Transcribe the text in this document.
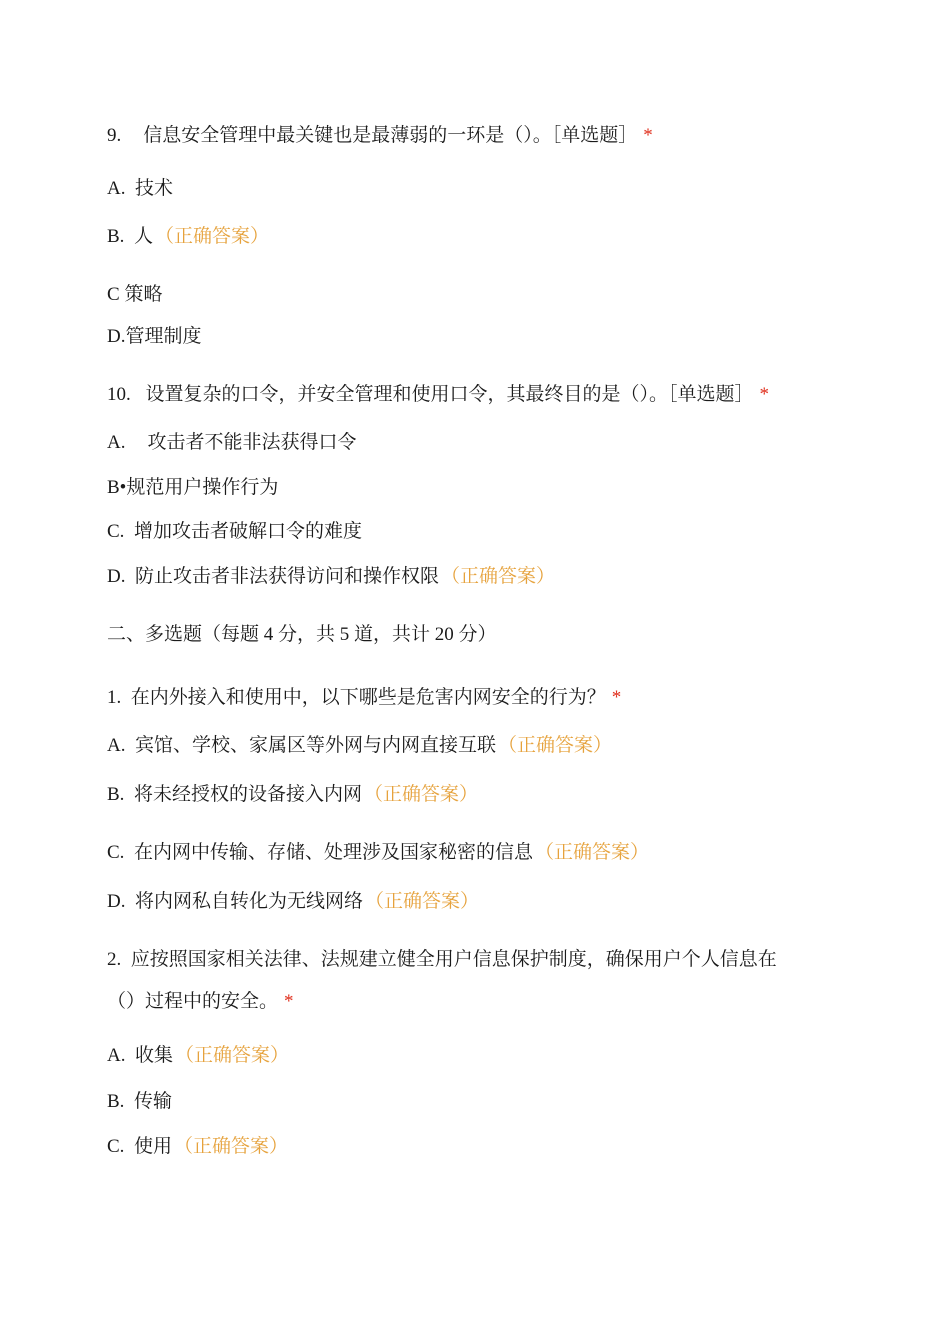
9. 信息安全管理中最关键也是最薄弱的一环是（）。［单选题］ *
A. 技术
B. 人 （正确答案）
C 策略
D.管理制度
10. 设置复杂的口令，并安全管理和使用口令，其最终目的是（）。［单选题］ *
A. 攻击者不能非法获得口令
B•规范用户操作行为
C. 增加攻击者破解口令的难度
D. 防止攻击者非法获得访问和操作权限 （正确答案）
二、多选题（每题 4 分，共 5 道，共计 20 分）
1. 在内外接入和使用中，以下哪些是危害内网安全的行为？ *
A. 宾馆、学校、家属区等外网与内网直接互联 （正确答案）
B. 将未经授权的设备接入内网 （正确答案）
C. 在内网中传输、存储、处理涉及国家秘密的信息 （正确答案）
D. 将内网私自转化为无线网络 （正确答案）
2. 应按照国家相关法律、法规建立健全用户信息保护制度，确保用户个人信息在
（）过程中的安全。 *
A. 收集 （正确答案）
B. 传输
C. 使用 （正确答案）
